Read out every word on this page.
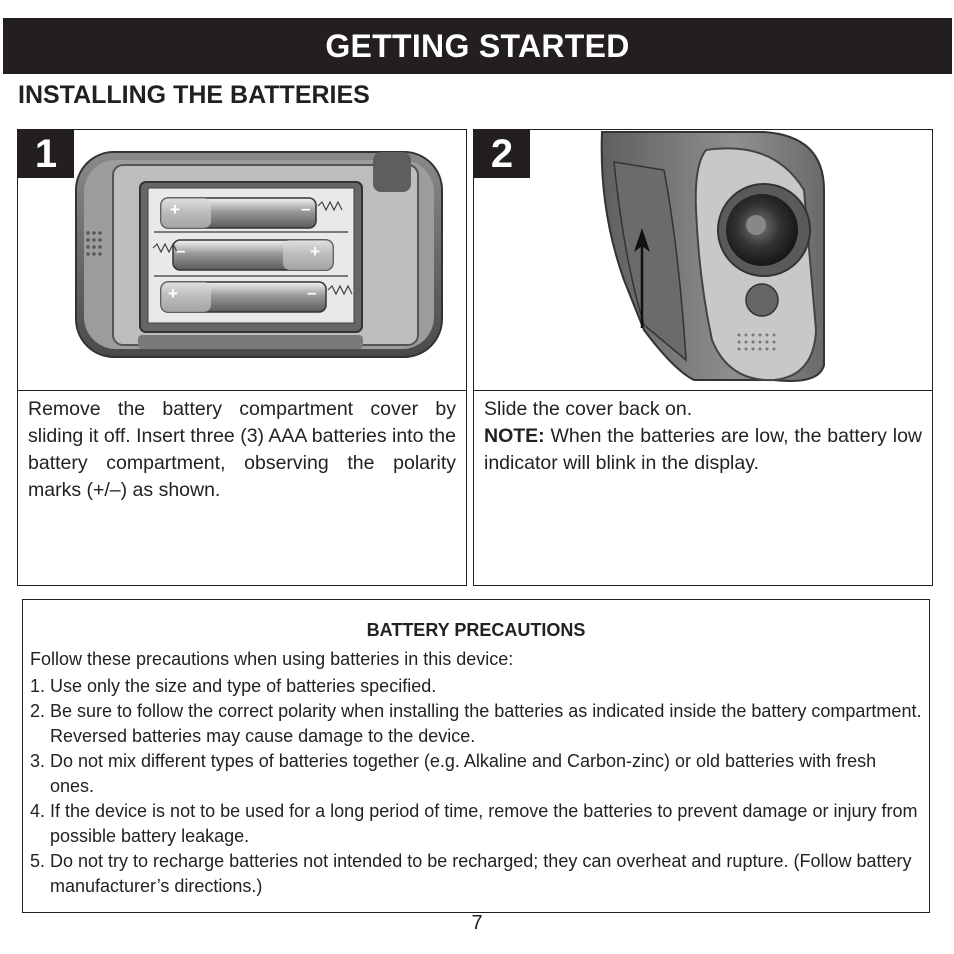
GETTING STARTED
INSTALLING THE BATTERIES
1
+	–
–	+
+	–
Remove the battery compartment cover by sliding it off. Insert three (3) AAA batteries into the battery compartment, observing the polarity marks (+/–) as shown.
2
Slide the cover back on.
NOTE: When the batteries are low, the battery low indicator will blink in the display.
BATTERY PRECAUTIONS
Follow these precautions when using batteries in this device:
1. Use only the size and type of batteries specified.
2. Be sure to follow the correct polarity when installing the batteries as indicated inside the battery compartment. Reversed batteries may cause damage to the device.
3. Do not mix different types of batteries together (e.g. Alkaline and Carbon-zinc) or old batteries with fresh ones.
4. If the device is not to be used for a long period of time, remove the batteries to prevent damage or injury from possible battery leakage.
5. Do not try to recharge batteries not intended to be recharged; they can overheat and rupture. (Follow battery manufacturer’s directions.)
7
